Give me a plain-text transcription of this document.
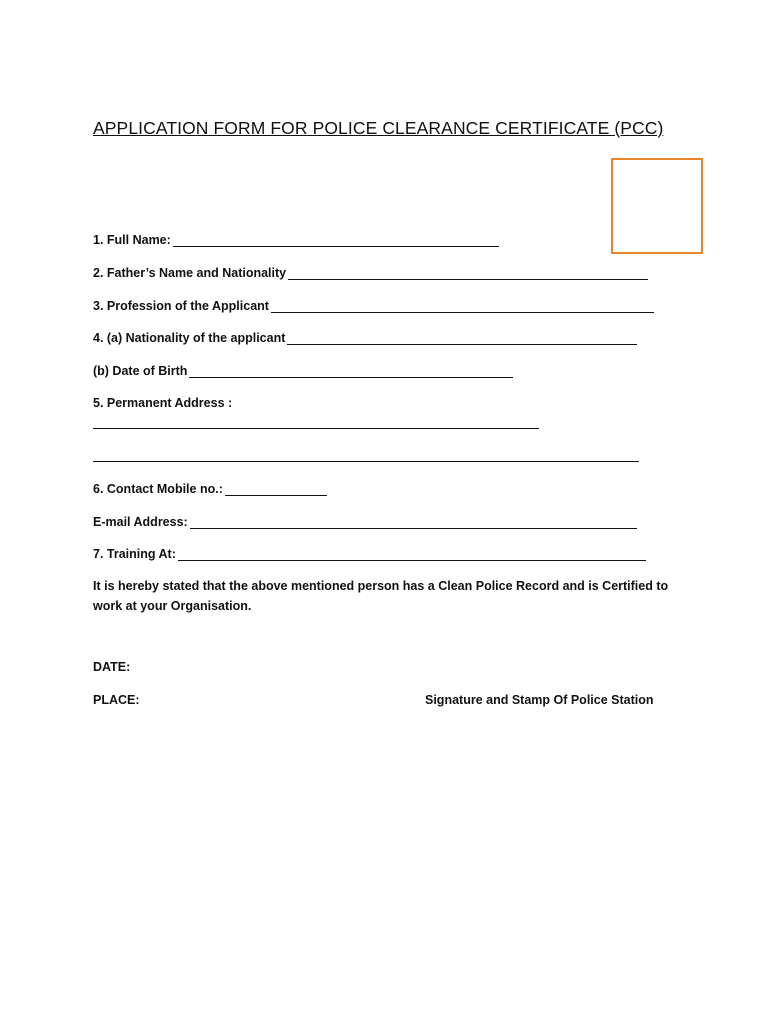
APPLICATION FORM FOR POLICE CLEARANCE CERTIFICATE (PCC)
1. Full Name:
2. Father’s Name and Nationality
3. Profession of the Applicant
4. (a) Nationality of the applicant
(b) Date of Birth
5. Permanent Address :
6. Contact Mobile no.:
E-mail Address:
7. Training At:
It is hereby stated that the above mentioned person has a Clean Police Record and is Certified to work at your Organisation.
DATE:
PLACE:	Signature and Stamp Of Police Station
